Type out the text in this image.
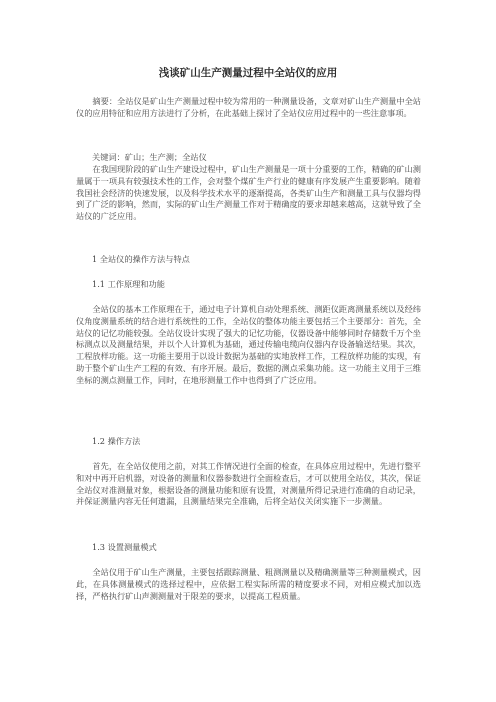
浅谈矿山生产测量过程中全站仪的应用

摘要：全站仪是矿山生产测量过程中较为常用的一种测量设备，文章对矿山生产测量中全站仪的应用特征和应用方法进行了分析，在此基础上探讨了全站仪应用过程中的一些注意事项。

关键词：矿山；生产测；全站仪

在我国现阶段的矿山生产建设过程中，矿山生产测量是一项十分重要的工作，精确的矿山测量属于一项具有较强技术性的工作，会对整个煤矿生产行业的健康有序发展产生重要影响。随着我国社会经济的快速发展，以及科学技术水平的逐渐提高，各类矿山生产和测量工具与仪器均得到了广泛的影响，然而，实际的矿山生产测量工作对于精确度的要求却越来越高，这就导致了全站仪的广泛应用。

1 全站仪的操作方法与特点

1.1 工作原理和功能

全站仪的基本工作原理在于，通过电子计算机自动处理系统、测距仪距离测量系统以及经纬仪角度测量系统的结合进行系统性的工作，全站仪的整体功能主要包括三个主要部分：首先，全站仪的记忆功能较强。全站仪设计实现了强大的记忆功能，仪器设备中能够同时存储数千万个坐标测点以及测量结果，并以个人计算机为基础，通过传输电缆向仪器内存设备输送结果。其次，工程放样功能。这一功能主要用于以设计数据为基础的实地放样工作，工程放样功能的实现，有助于整个矿山生产工程的有效、有序开展。最后，数据的测点采集功能。这一功能主义用于三维坐标的测点测量工作，同时，在地形测量工作中也得到了广泛应用。

1.2 操作方法

首先，在全站仪使用之前，对其工作情况进行全面的检查，在具体应用过程中，先进行整平和对中再开启机器，对设备的测量和仪器参数进行全面检查后，才可以使用全站仪，其次，保证全站仪对准测量对象，根据设备的测量功能和原有设置，对测量所得记录进行准确的自动记录，并保证测量内容无任何遗漏，且测量结果完全准确，后将全站仪关闭实施下一步测量。

1.3 设置测量模式

全站仪用于矿山生产测量，主要包括跟踪测量、粗测测量以及精确测量等三种测量模式，因此，在具体测量模式的选择过程中，应依据工程实际所需的精度要求不同，对相应模式加以选择，严格执行矿山声测测量对于限差的要求，以提高工程质量。
